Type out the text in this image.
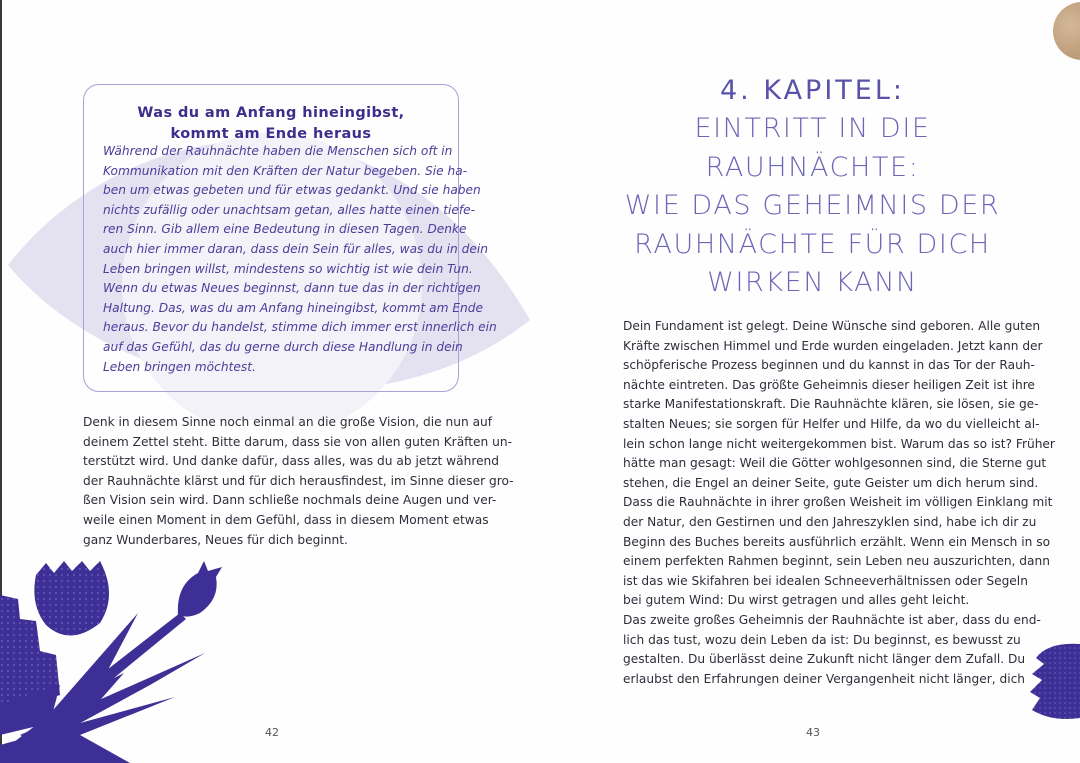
Was du am Anfang hineingibst,
kommt am Ende heraus
Während der Rauhnächte haben die Menschen sich oft in
Kommunikation mit den Kräften der Natur begeben. Sie ha-
ben um etwas gebeten und für etwas gedankt. Und sie haben
nichts zufällig oder unachtsam getan, alles hatte einen tiefe-
ren Sinn. Gib allem eine Bedeutung in diesen Tagen. Denke
auch hier immer daran, dass dein Sein für alles, was du in dein
Leben bringen willst, mindestens so wichtig ist wie dein Tun.
Wenn du etwas Neues beginnst, dann tue das in der richtigen
Haltung. Das, was du am Anfang hineingibst, kommt am Ende
heraus. Bevor du handelst, stimme dich immer erst innerlich ein
auf das Gefühl, das du gerne durch diese Handlung in dein
Leben bringen möchtest.
Denk in diesem Sinne noch einmal an die große Vision, die nun auf
deinem Zettel steht. Bitte darum, dass sie von allen guten Kräften un-
terstützt wird. Und danke dafür, dass alles, was du ab jetzt während
der Rauhnächte klärst und für dich herausfindest, im Sinne dieser gro-
ßen Vision sein wird. Dann schließe nochmals deine Augen und ver-
weile einen Moment in dem Gefühl, dass in diesem Moment etwas
ganz Wunderbares, Neues für dich beginnt.
42
4. KAPITEL:
EINTRITT IN DIE
RAUHNÄCHTE:
WIE DAS GEHEIMNIS DER
RAUHNÄCHTE FÜR DICH
WIRKEN KANN
Dein Fundament ist gelegt. Deine Wünsche sind geboren. Alle guten
Kräfte zwischen Himmel und Erde wurden eingeladen. Jetzt kann der
schöpferische Prozess beginnen und du kannst in das Tor der Rauh-
nächte eintreten. Das größte Geheimnis dieser heiligen Zeit ist ihre
starke Manifestationskraft. Die Rauhnächte klären, sie lösen, sie ge-
stalten Neues; sie sorgen für Helfer und Hilfe, da wo du vielleicht al-
lein schon lange nicht weitergekommen bist. Warum das so ist? Früher
hätte man gesagt: Weil die Götter wohlgesonnen sind, die Sterne gut
stehen, die Engel an deiner Seite, gute Geister um dich herum sind.
Dass die Rauhnächte in ihrer großen Weisheit im völligen Einklang mit
der Natur, den Gestirnen und den Jahreszyklen sind, habe ich dir zu
Beginn des Buches bereits ausführlich erzählt. Wenn ein Mensch in so
einem perfekten Rahmen beginnt, sein Leben neu auszurichten, dann
ist das wie Skifahren bei idealen Schneeverhältnissen oder Segeln
bei gutem Wind: Du wirst getragen und alles geht leicht.
Das zweite großes Geheimnis der Rauhnächte ist aber, dass du end-
lich das tust, wozu dein Leben da ist: Du beginnst, es bewusst zu
gestalten. Du überlässt deine Zukunft nicht länger dem Zufall. Du
erlaubst den Erfahrungen deiner Vergangenheit nicht länger, dich
43
